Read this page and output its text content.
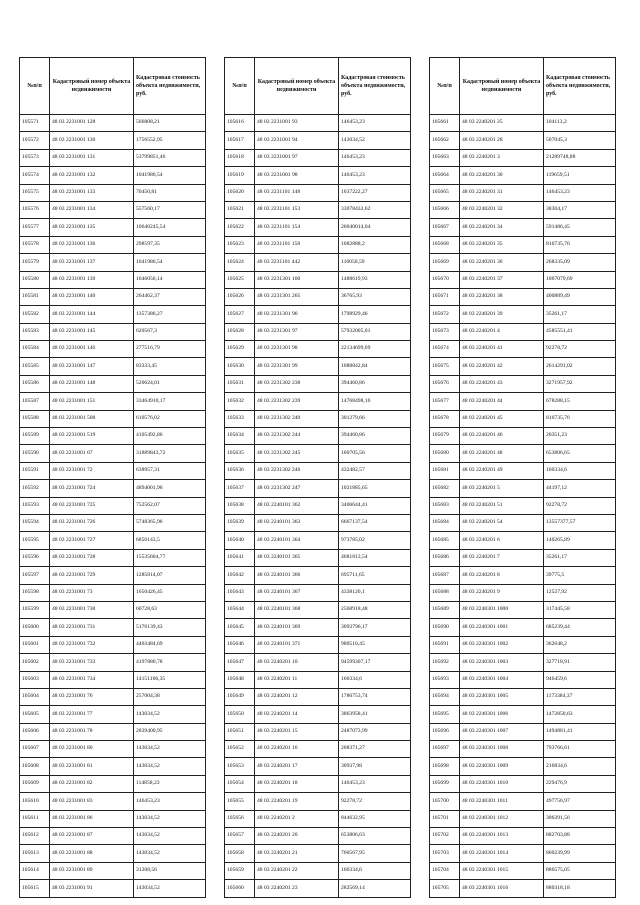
№п/п	Кадастровый номер объекта недвижимости	Кадастровая стоимость объекта недвижимости, руб.
105571	48 03 2231001 128	566808,21
105572	48 03 2231001 130	1756552,95
105573	48 03 2231001 131	53799851,46
105574	48 03 2231001 132	1041986,54
105575	48 03 2231001 133	70450,81
105576	48 03 2231001 134	557560,17
105577	48 03 2231001 135	10640245,54
105578	48 03 2231001 136	298597,35
105579	48 03 2231001 137	1041986,54
105580	48 03 2231001 139	1646056,14
105581	48 03 2231001 140	264462,37
105582	48 03 2231001 144	1357386,27
105583	48 03 2231001 145	620567,3
105584	48 03 2231001 146	277516,79
105585	48 03 2231001 147	83333,45
105586	48 03 2231001 148	520624,01
105587	48 03 2231001 151	33464910,17
105588	48 03 2231001 508	610576,02
105589	48 03 2231001 519	4105492,86
105590	48 03 2231001 67	31889843,72
105591	48 03 2231001 72	638957,31
105592	48 03 2231001 724	4894001,96
105593	48 03 2231001 725	752562,07
105594	48 03 2231001 726	5748365,96
105595	48 03 2231001 727	6850143,5
105596	48 03 2231001 728	15535604,77
105597	48 03 2231001 729	1285814,07
105598	48 03 2231001 73	1650426,45
105599	48 03 2231001 730	60728,63
105600	48 03 2231001 731	5176139,43
105601	48 03 2231001 732	4403484,69
105602	48 03 2231001 733	4197880,78
105603	48 03 2231001 734	14151106,35
105604	48 03 2231001 76	257004,38
105605	48 03 2231001 77	143034,52
105606	48 03 2231001 78	2839400,95
105607	48 03 2231001 80	143034,52
105608	48 03 2231001 81	143034,52
105609	48 03 2231001 82	114858,23
105610	48 03 2231001 83	146453,23
105611	48 03 2231001 86	143034,52
105612	48 03 2231001 87	143034,52
105613	48 03 2231001 88	143034,52
105614	48 03 2231001 89	31208,56
105615	48 03 2231001 91	143034,52
№п/п	Кадастровый номер объекта недвижимости	Кадастровая стоимость объекта недвижимости, руб.
105616	48 03 2231001 93	146453,23
105617	48 03 2231001 94	143034,52
105618	48 03 2231001 97	146453,23
105619	48 03 2231001 98	146453,23
105620	48 03 2231101 148	1637222,27
105621	48 03 2231101 153	33078432,62
105622	48 03 2231101 154	26040014,04
105623	48 03 2231101 158	1082888,2
105624	48 03 2231101 442	116050,59
105625	48 03 2231301 100	1488619,93
105626	48 03 2231301 265	36765,93
105627	48 03 2231301 96	1798929,46
105628	48 03 2231301 97	57932005,01
105629	48 03 2231301 98	22134699,69
105630	48 03 2231301 99	1088842,84
105631	48 03 2231302 238	394460,86
105632	48 03 2231302 239	14768498,16
105633	48 03 2231302 240	301279,66
105634	48 03 2231302 244	394460,86
105635	48 03 2231302 245	160705,56
105636	48 03 2231302 246	432482,57
105637	48 03 2231302 247	1021885,65
105638	48 03 2240101 362	3406644,41
105639	48 03 2240101 363	6667137,54
105640	48 03 2240101 364	973785,02
105641	48 03 2240101 365	4681813,54
105642	48 03 2240101 366	695711,65
105643	48 03 2240101 367	4338120,1
105644	48 03 2240101 368	2568918,48
105645	48 03 2240101 369	3093796,17
105646	48 03 2240101 371	980510,45
105647	48 03 2240201 10	94599307,17
105648	48 03 2240201 11	160334,6
105649	48 03 2240201 12	1786753,74
105650	48 03 2240201 14	3863958,41
105651	48 03 2240201 15	2487073,99
105652	48 03 2240201 16	208371,27
105653	48 03 2240201 17	30937,98
105654	48 03 2240201 18	146453,23
105655	48 03 2240201 19	92278,72
105656	48 03 2240201 2	844632,95
105657	48 03 2240201 20	653806,63
105658	48 03 2240201 21	760567,95
105659	48 03 2240201 22	160334,6
105660	48 03 2240201 23	282569,14
№п/п	Кадастровый номер объекта недвижимости	Кадастровая стоимость объекта недвижимости, руб.
105661	48 03 2240201 25	104113,2
105662	48 03 2240201 28	507045,3
105663	48 03 2240201 3	21289748,88
105664	48 03 2240201 30	119659,51
105665	48 03 2240201 31	146453,23
105666	48 03 2240201 32	38304,17
105667	48 03 2240201 34	591486,45
105668	48 03 2240201 35	816735,76
105669	48 03 2240201 36	268335,09
105670	48 03 2240201 37	1067079,69
105671	48 03 2240201 38	400889,49
105672	48 03 2240201 39	35261,17
105673	48 03 2240201 4	4585551,41
105674	48 03 2240201 41	92278,72
105675	48 03 2240201 42	2614291,02
105676	48 03 2240201 43	3271957,92
105677	48 03 2240201 44	678288,15
105678	48 03 2240201 45	816735,76
105679	48 03 2240201 46	20351,23
105680	48 03 2240201 48	653806,65
105681	48 03 2240201 49	160334,6
105682	48 03 2240201 5	44197,12
105683	48 03 2240201 51	92278,72
105684	48 03 2240201 54	13557377,57
105685	48 03 2240201 6	140265,89
105686	48 03 2240201 7	35261,17
105687	48 03 2240201 8	39775,5
105688	48 03 2240201 9	12527,92
105689	48 03 2240301 1000	317445,58
105690	48 03 2240301 1001	685239,44
105691	48 03 2240301 1002	362648,2
105692	48 03 2240301 1003	327718,91
105693	48 03 2240301 1004	946459,6
105694	48 03 2240301 1005	1173384,37
105695	48 03 2240301 1006	1472850,63
105696	48 03 2240301 1007	1494881,41
105697	48 03 2240301 1008	793766,61
105698	48 03 2240301 1009	216834,6
105699	48 03 2240301 1010	229476,9
105700	48 03 2240301 1011	497756,97
105701	48 03 2240301 1012	306391,56
105702	48 03 2240301 1013	882703,88
105703	48 03 2240301 1014	860239,99
105704	48 03 2240301 1015	886575,05
105705	48 03 2240301 1016	880318,18
